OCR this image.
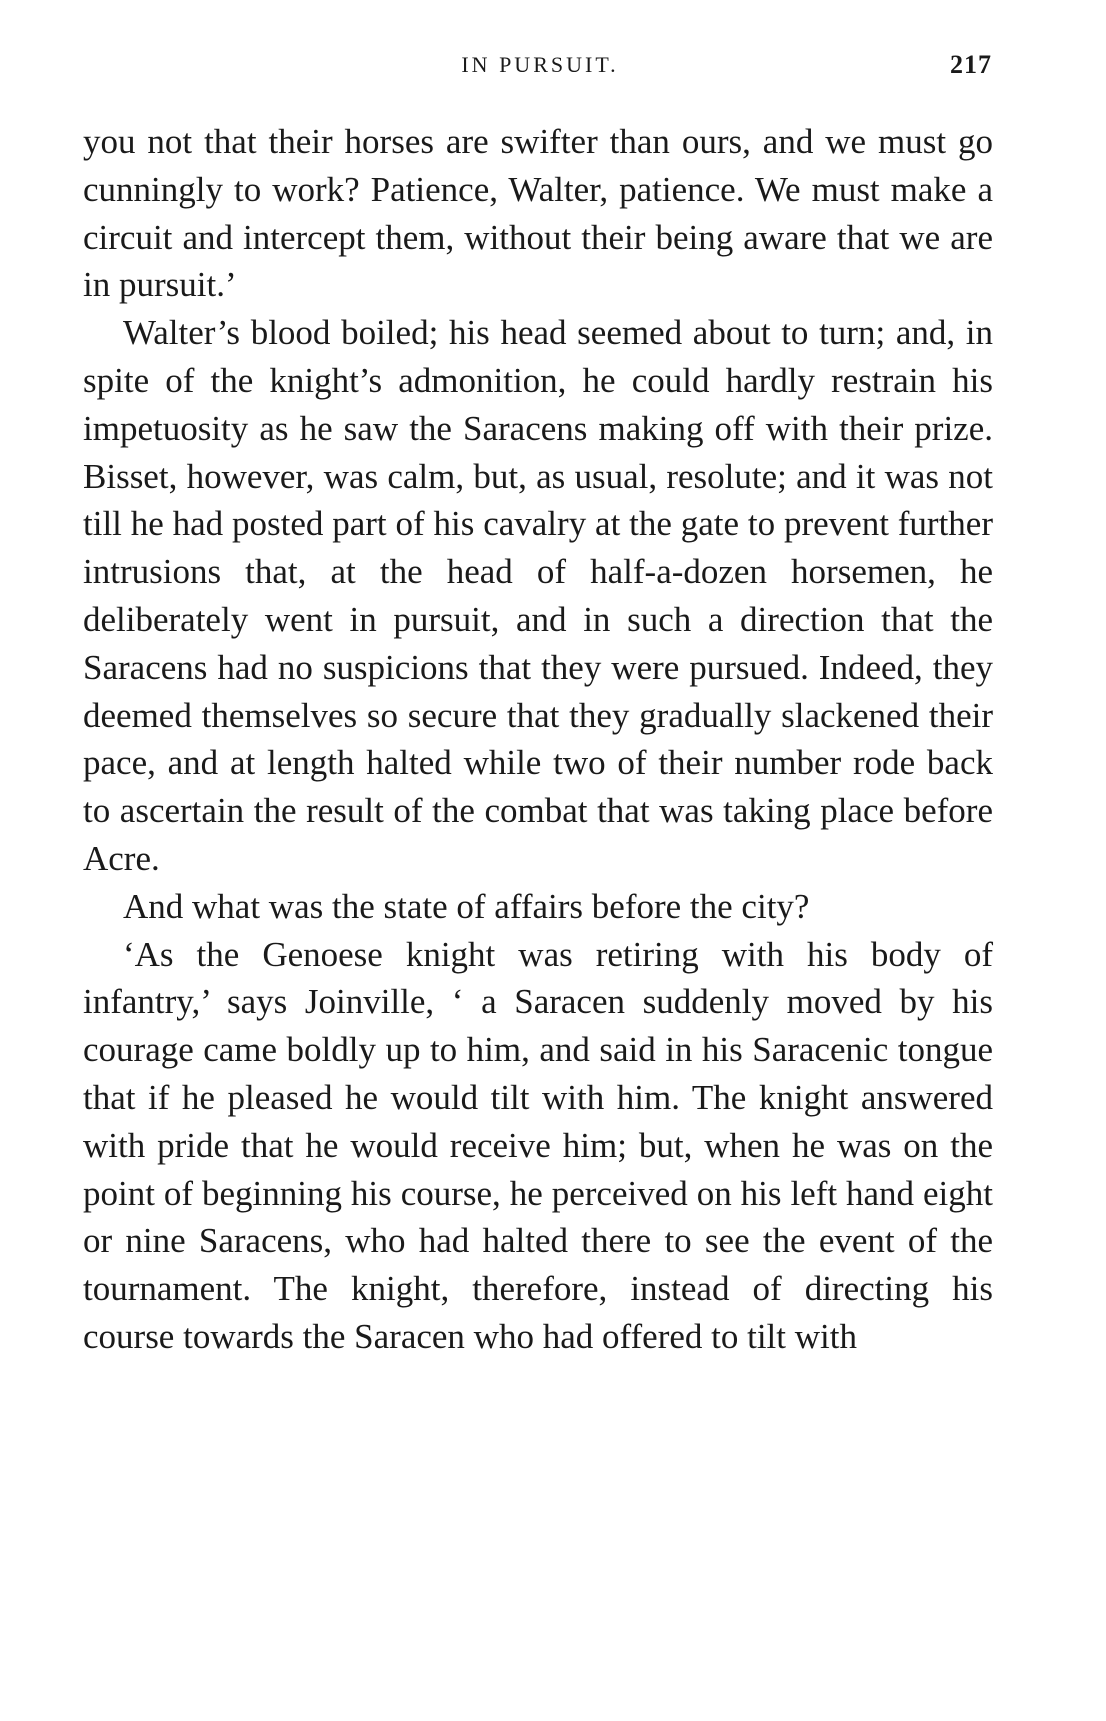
IN PURSUIT.	217

you not that their horses are swifter than ours, and we must go cunningly to work? Patience, Walter, patience. We must make a circuit and intercept them, without their being aware that we are in pursuit.’

Walter’s blood boiled; his head seemed about to turn; and, in spite of the knight’s admonition, he could hardly restrain his impetuosity as he saw the Saracens making off with their prize. Bisset, however, was calm, but, as usual, resolute; and it was not till he had posted part of his cavalry at the gate to prevent further intrusions that, at the head of half-a-dozen horsemen, he deliberately went in pursuit, and in such a direction that the Saracens had no suspicions that they were pursued. Indeed, they deemed themselves so secure that they gradually slackened their pace, and at length halted while two of their number rode back to ascertain the result of the combat that was taking place before Acre.

And what was the state of affairs before the city?

‘As the Genoese knight was retiring with his body of infantry,’ says Joinville, ‘ a Saracen suddenly moved by his courage came boldly up to him, and said in his Saracenic tongue that if he pleased he would tilt with him. The knight answered with pride that he would receive him; but, when he was on the point of beginning his course, he perceived on his left hand eight or nine Saracens, who had halted there to see the event of the tournament. The knight, therefore, instead of directing his course towards the Saracen who had offered to tilt with
